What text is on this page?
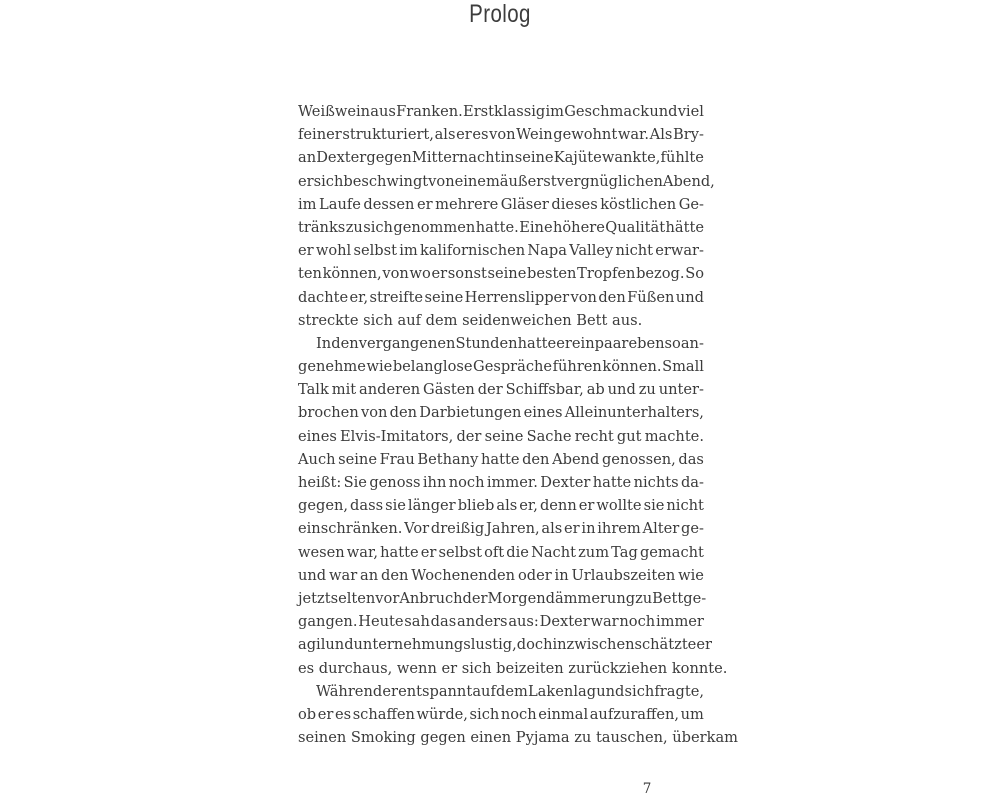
Prolog
Weißwein aus Franken. Erstklassig im Geschmack und viel
feiner strukturiert, als er es von Wein gewohnt war. Als Bry-
an Dexter gegen Mitternacht in seine Kajüte wankte, fühlte
er sich beschwingt von einem äußerst vergnüglichen Abend,
im Laufe dessen er mehrere Gläser dieses köstlichen Ge-
tränks zu sich genommen hatte. Eine höhere Qualität hätte
er wohl selbst im kalifornischen Napa Valley nicht erwar-
ten können, von wo er sonst seine besten Tropfen bezog. So
dachte er, streifte seine Herrenslipper von den Füßen und
streckte sich auf dem seidenweichen Bett aus.
In den vergangenen Stunden hatte er ein paar ebenso an-
genehme wie belanglose Gespräche führen können. Small
Talk mit anderen Gästen der Schiffsbar, ab und zu unter-
brochen von den Darbietungen eines Alleinunterhalters,
eines Elvis-Imitators, der seine Sache recht gut machte.
Auch seine Frau Bethany hatte den Abend genossen, das
heißt: Sie genoss ihn noch immer. Dexter hatte nichts da-
gegen, dass sie länger blieb als er, denn er wollte sie nicht
einschränken. Vor dreißig Jahren, als er in ihrem Alter ge-
wesen war, hatte er selbst oft die Nacht zum Tag gemacht
und war an den Wochenenden oder in Urlaubszeiten wie
jetzt selten vor Anbruch der Morgendämmerung zu Bett ge-
gangen. Heute sah das anders aus: Dexter war noch immer
agil und unternehmungslustig, doch inzwischen schätzte er
es durchaus, wenn er sich beizeiten zurückziehen konnte.
Während er entspannt auf dem Laken lag und sich fragte,
ob er es schaffen würde, sich noch einmal aufzuraffen, um
seinen Smoking gegen einen Pyjama zu tauschen, überkam
7
